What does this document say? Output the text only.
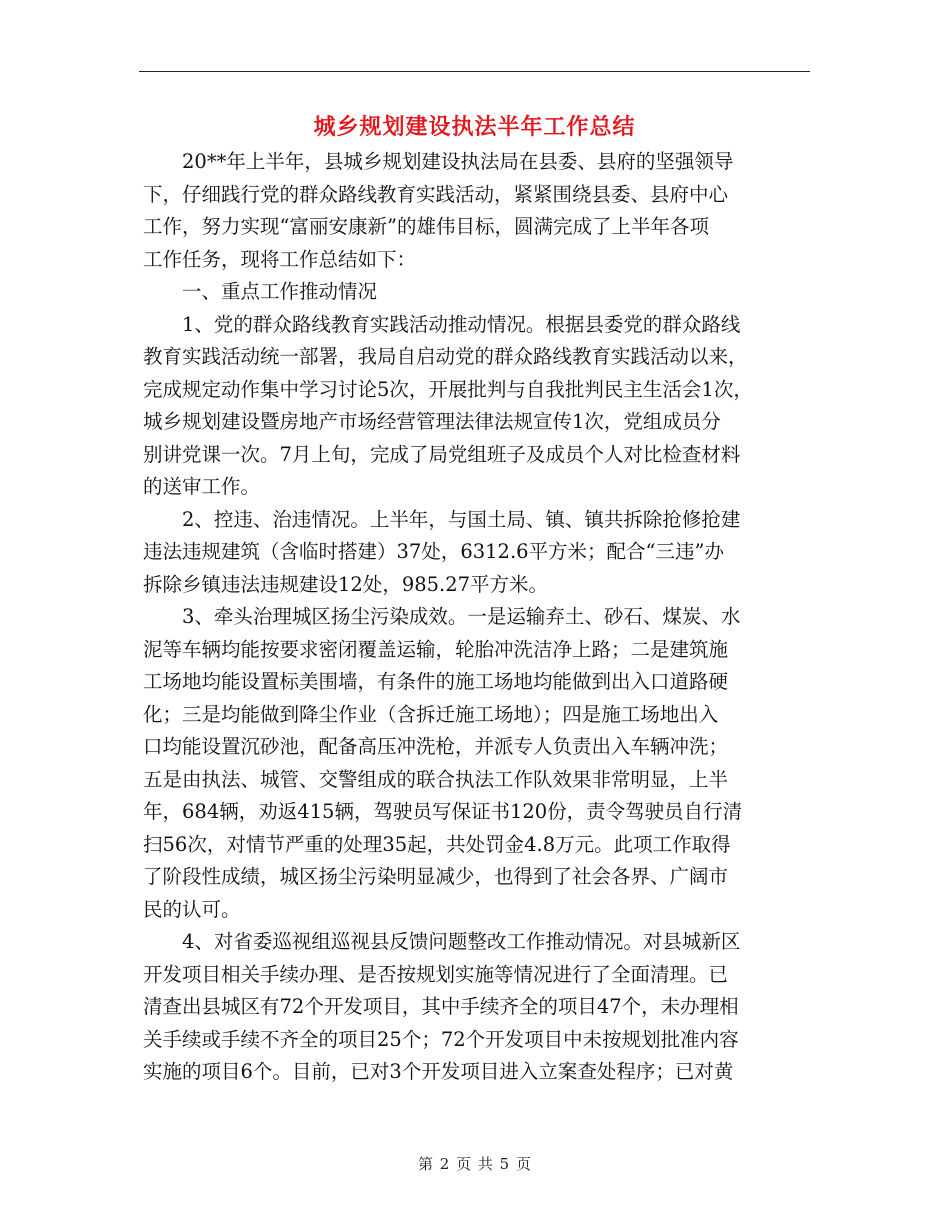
城乡规划建设执法半年工作总结
20**年上半年，县城乡规划建设执法局在县委、县府的坚强领导
下，仔细践行党的群众路线教育实践活动，紧紧围绕县委、县府中心
工作，努力实现“富丽安康新”的雄伟目标，圆满完成了上半年各项
工作任务，现将工作总结如下：
一、重点工作推动情况
1、党的群众路线教育实践活动推动情况。根据县委党的群众路线
教育实践活动统一部署，我局自启动党的群众路线教育实践活动以来，
完成规定动作集中学习讨论5次，开展批判与自我批判民主生活会1次，
城乡规划建设暨房地产市场经营管理法律法规宣传1次，党组成员分
别讲党课一次。7月上旬，完成了局党组班子及成员个人对比检查材料
的送审工作。
2、控违、治违情况。上半年，与国土局、镇、镇共拆除抢修抢建
违法违规建筑（含临时搭建）37处，6312.6平方米；配合“三违”办
拆除乡镇违法违规建设12处，985.27平方米。
3、牵头治理城区扬尘污染成效。一是运输弃土、砂石、煤炭、水
泥等车辆均能按要求密闭覆盖运输，轮胎冲洗洁净上路；二是建筑施
工场地均能设置标美围墙，有条件的施工场地均能做到出入口道路硬
化；三是均能做到降尘作业（含拆迁施工场地）；四是施工场地出入
口均能设置沉砂池，配备高压冲洗枪，并派专人负责出入车辆冲洗；
五是由执法、城管、交警组成的联合执法工作队效果非常明显，上半
年，684辆，劝返415辆，驾驶员写保证书120份，责令驾驶员自行清
扫56次，对情节严重的处理35起，共处罚金4.8万元。此项工作取得
了阶段性成绩，城区扬尘污染明显减少，也得到了社会各界、广阔市
民的认可。
4、对省委巡视组巡视县反馈问题整改工作推动情况。对县城新区
开发项目相关手续办理、是否按规划实施等情况进行了全面清理。已
清查出县城区有72个开发项目，其中手续齐全的项目47个，未办理相
关手续或手续不齐全的项目25个；72个开发项目中未按规划批准内容
实施的项目6个。目前，已对3个开发项目进入立案查处程序；已对黄
第 2 页 共 5 页
